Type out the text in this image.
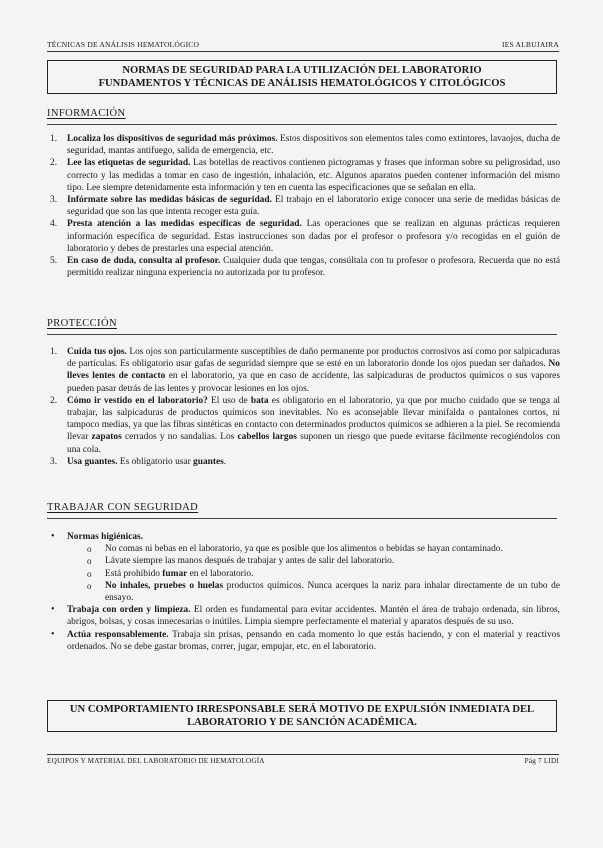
TÉCNICAS DE ANÁLISIS HEMATOLÓGICO	IES ALBUJAIRA
NORMAS DE SEGURIDAD PARA LA UTILIZACIÓN DEL LABORATORIO
FUNDAMENTOS Y TÉCNICAS DE ANÁLISIS HEMATOLÓGICOS Y CITOLÓGICOS
INFORMACIÓN
1. Localiza los dispositivos de seguridad más próximos. Estos dispositivos son elementos tales como extintores, lavaojos, ducha de seguridad, mantas antifuego, salida de emergencia, etc.
2. Lee las etiquetas de seguridad. Las botellas de reactivos contienen pictogramas y frases que informan sobre su peligrosidad, uso correcto y las medidas a tomar en caso de ingestión, inhalación, etc. Algunos aparatos pueden contener información del mismo tipo. Lee siempre detenidamente esta información y ten en cuenta las especificaciones que se señalan en ella.
3. Infórmate sobre las medidas básicas de seguridad. El trabajo en el laboratorio exige conocer una serie de medidas básicas de seguridad que son las que intenta recoger esta guía.
4. Presta atención a las medidas específicas de seguridad. Las operaciones que se realizan en algunas prácticas requieren información específica de seguridad. Estas instrucciones son dadas por el profesor o profesora y/o recogidas en el guión de laboratorio y debes de prestarles una especial atención.
5. En caso de duda, consulta al profesor. Cualquier duda que tengas, consúltala con tu profesor o profesora. Recuerda que no está permitido realizar ninguna experiencia no autorizada por tu profesor.
PROTECCIÓN
1. Cuida tus ojos. Los ojos son particularmente susceptibles de daño permanente por productos corrosivos así como por salpicaduras de partículas. Es obligatorio usar gafas de seguridad siempre que se esté en un laboratorio donde los ojos puedan ser dañados. No lleves lentes de contacto en el laboratorio, ya que en caso de accidente, las salpicaduras de productos químicos o sus vapores pueden pasar detrás de las lentes y provocar lesiones en los ojos.
2. Cómo ir vestido en el laboratorio? El uso de bata es obligatorio en el laboratorio, ya que por mucho cuidado que se tenga al trabajar, las salpicaduras de productos químicos son inevitables. No es aconsejable llevar minifalda o pantalones cortos, ni tampoco medias, ya que las fibras sintéticas en contacto con determinados productos químicos se adhieren a la piel. Se recomienda llevar zapatos cerrados y no sandalias. Los cabellos largos suponen un riesgo que puede evitarse fácilmente recogiéndolos con una cola.
3. Usa guantes. Es obligatorio usar guantes.
TRABAJAR CON SEGURIDAD
• Normas higiénicas.
o No comas ni bebas en el laboratorio, ya que es posible que los alimentos o bebidas se hayan contaminado.
o Lávate siempre las manos después de trabajar y antes de salir del laboratorio.
o Está prohibido fumar en el laboratorio.
o No inhales, pruebes o huelas productos químicos. Nunca acerques la nariz para inhalar directamente de un tubo de ensayo.
• Trabaja con orden y limpieza. El orden es fundamental para evitar accidentes. Mantén el área de trabajo ordenada, sin libros, abrigos, bolsas, y cosas innecesarias o inútiles. Limpia siempre perfectamente el material y aparatos después de su uso.
• Actúa responsablemente. Trabaja sin prisas, pensando en cada momento lo que estás haciendo, y con el material y reactivos ordenados. No se debe gastar bromas, correr, jugar, empujar, etc. en el laboratorio.
UN COMPORTAMIENTO IRRESPONSABLE SERÁ MOTIVO DE EXPULSIÓN INMEDIATA DEL
LABORATORIO Y DE SANCIÓN ACADÉMICA.
EQUIPOS Y MATERIAL DEL LABORATORIO DE HEMATOLOGÍA	Pág 7 LIDI
